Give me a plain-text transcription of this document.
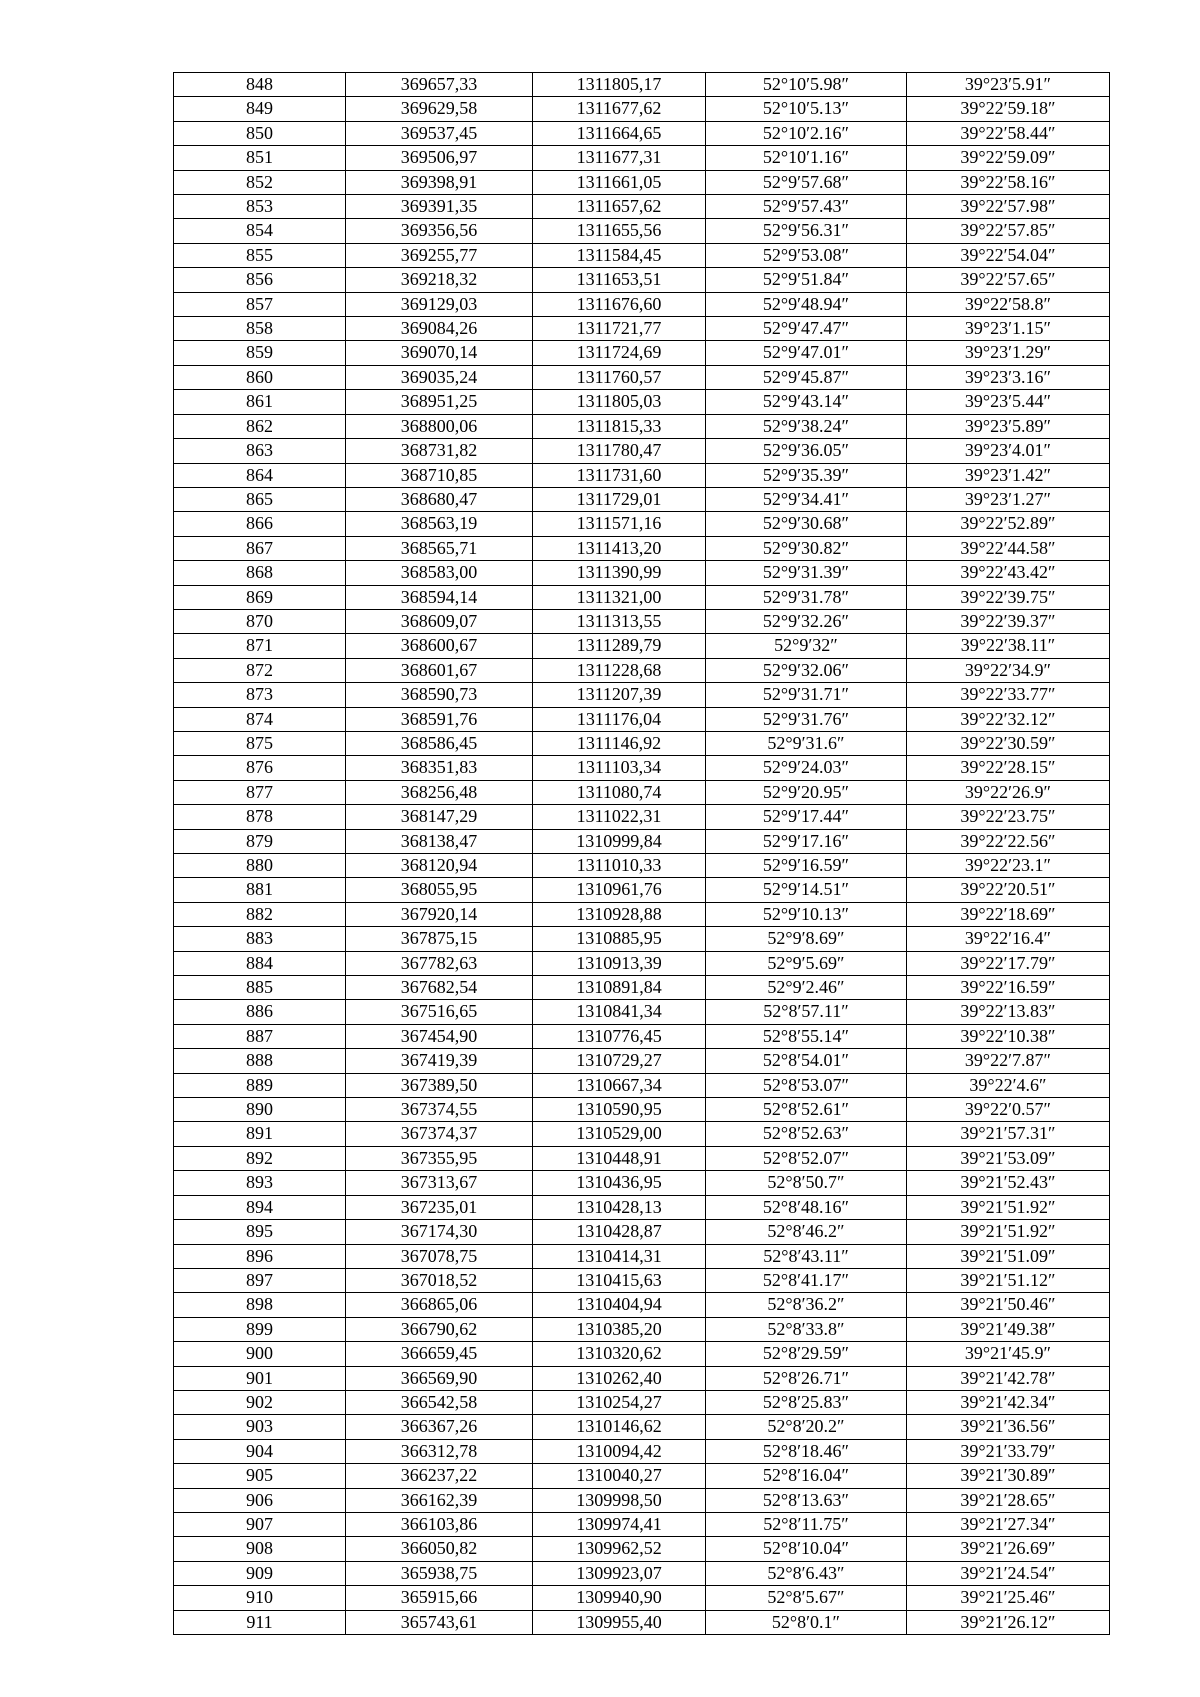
848	369657,33	1311805,17	52°10′5.98″	39°23′5.91″
849	369629,58	1311677,62	52°10′5.13″	39°22′59.18″
850	369537,45	1311664,65	52°10′2.16″	39°22′58.44″
851	369506,97	1311677,31	52°10′1.16″	39°22′59.09″
852	369398,91	1311661,05	52°9′57.68″	39°22′58.16″
853	369391,35	1311657,62	52°9′57.43″	39°22′57.98″
854	369356,56	1311655,56	52°9′56.31″	39°22′57.85″
855	369255,77	1311584,45	52°9′53.08″	39°22′54.04″
856	369218,32	1311653,51	52°9′51.84″	39°22′57.65″
857	369129,03	1311676,60	52°9′48.94″	39°22′58.8″
858	369084,26	1311721,77	52°9′47.47″	39°23′1.15″
859	369070,14	1311724,69	52°9′47.01″	39°23′1.29″
860	369035,24	1311760,57	52°9′45.87″	39°23′3.16″
861	368951,25	1311805,03	52°9′43.14″	39°23′5.44″
862	368800,06	1311815,33	52°9′38.24″	39°23′5.89″
863	368731,82	1311780,47	52°9′36.05″	39°23′4.01″
864	368710,85	1311731,60	52°9′35.39″	39°23′1.42″
865	368680,47	1311729,01	52°9′34.41″	39°23′1.27″
866	368563,19	1311571,16	52°9′30.68″	39°22′52.89″
867	368565,71	1311413,20	52°9′30.82″	39°22′44.58″
868	368583,00	1311390,99	52°9′31.39″	39°22′43.42″
869	368594,14	1311321,00	52°9′31.78″	39°22′39.75″
870	368609,07	1311313,55	52°9′32.26″	39°22′39.37″
871	368600,67	1311289,79	52°9′32″	39°22′38.11″
872	368601,67	1311228,68	52°9′32.06″	39°22′34.9″
873	368590,73	1311207,39	52°9′31.71″	39°22′33.77″
874	368591,76	1311176,04	52°9′31.76″	39°22′32.12″
875	368586,45	1311146,92	52°9′31.6″	39°22′30.59″
876	368351,83	1311103,34	52°9′24.03″	39°22′28.15″
877	368256,48	1311080,74	52°9′20.95″	39°22′26.9″
878	368147,29	1311022,31	52°9′17.44″	39°22′23.75″
879	368138,47	1310999,84	52°9′17.16″	39°22′22.56″
880	368120,94	1311010,33	52°9′16.59″	39°22′23.1″
881	368055,95	1310961,76	52°9′14.51″	39°22′20.51″
882	367920,14	1310928,88	52°9′10.13″	39°22′18.69″
883	367875,15	1310885,95	52°9′8.69″	39°22′16.4″
884	367782,63	1310913,39	52°9′5.69″	39°22′17.79″
885	367682,54	1310891,84	52°9′2.46″	39°22′16.59″
886	367516,65	1310841,34	52°8′57.11″	39°22′13.83″
887	367454,90	1310776,45	52°8′55.14″	39°22′10.38″
888	367419,39	1310729,27	52°8′54.01″	39°22′7.87″
889	367389,50	1310667,34	52°8′53.07″	39°22′4.6″
890	367374,55	1310590,95	52°8′52.61″	39°22′0.57″
891	367374,37	1310529,00	52°8′52.63″	39°21′57.31″
892	367355,95	1310448,91	52°8′52.07″	39°21′53.09″
893	367313,67	1310436,95	52°8′50.7″	39°21′52.43″
894	367235,01	1310428,13	52°8′48.16″	39°21′51.92″
895	367174,30	1310428,87	52°8′46.2″	39°21′51.92″
896	367078,75	1310414,31	52°8′43.11″	39°21′51.09″
897	367018,52	1310415,63	52°8′41.17″	39°21′51.12″
898	366865,06	1310404,94	52°8′36.2″	39°21′50.46″
899	366790,62	1310385,20	52°8′33.8″	39°21′49.38″
900	366659,45	1310320,62	52°8′29.59″	39°21′45.9″
901	366569,90	1310262,40	52°8′26.71″	39°21′42.78″
902	366542,58	1310254,27	52°8′25.83″	39°21′42.34″
903	366367,26	1310146,62	52°8′20.2″	39°21′36.56″
904	366312,78	1310094,42	52°8′18.46″	39°21′33.79″
905	366237,22	1310040,27	52°8′16.04″	39°21′30.89″
906	366162,39	1309998,50	52°8′13.63″	39°21′28.65″
907	366103,86	1309974,41	52°8′11.75″	39°21′27.34″
908	366050,82	1309962,52	52°8′10.04″	39°21′26.69″
909	365938,75	1309923,07	52°8′6.43″	39°21′24.54″
910	365915,66	1309940,90	52°8′5.67″	39°21′25.46″
911	365743,61	1309955,40	52°8′0.1″	39°21′26.12″
